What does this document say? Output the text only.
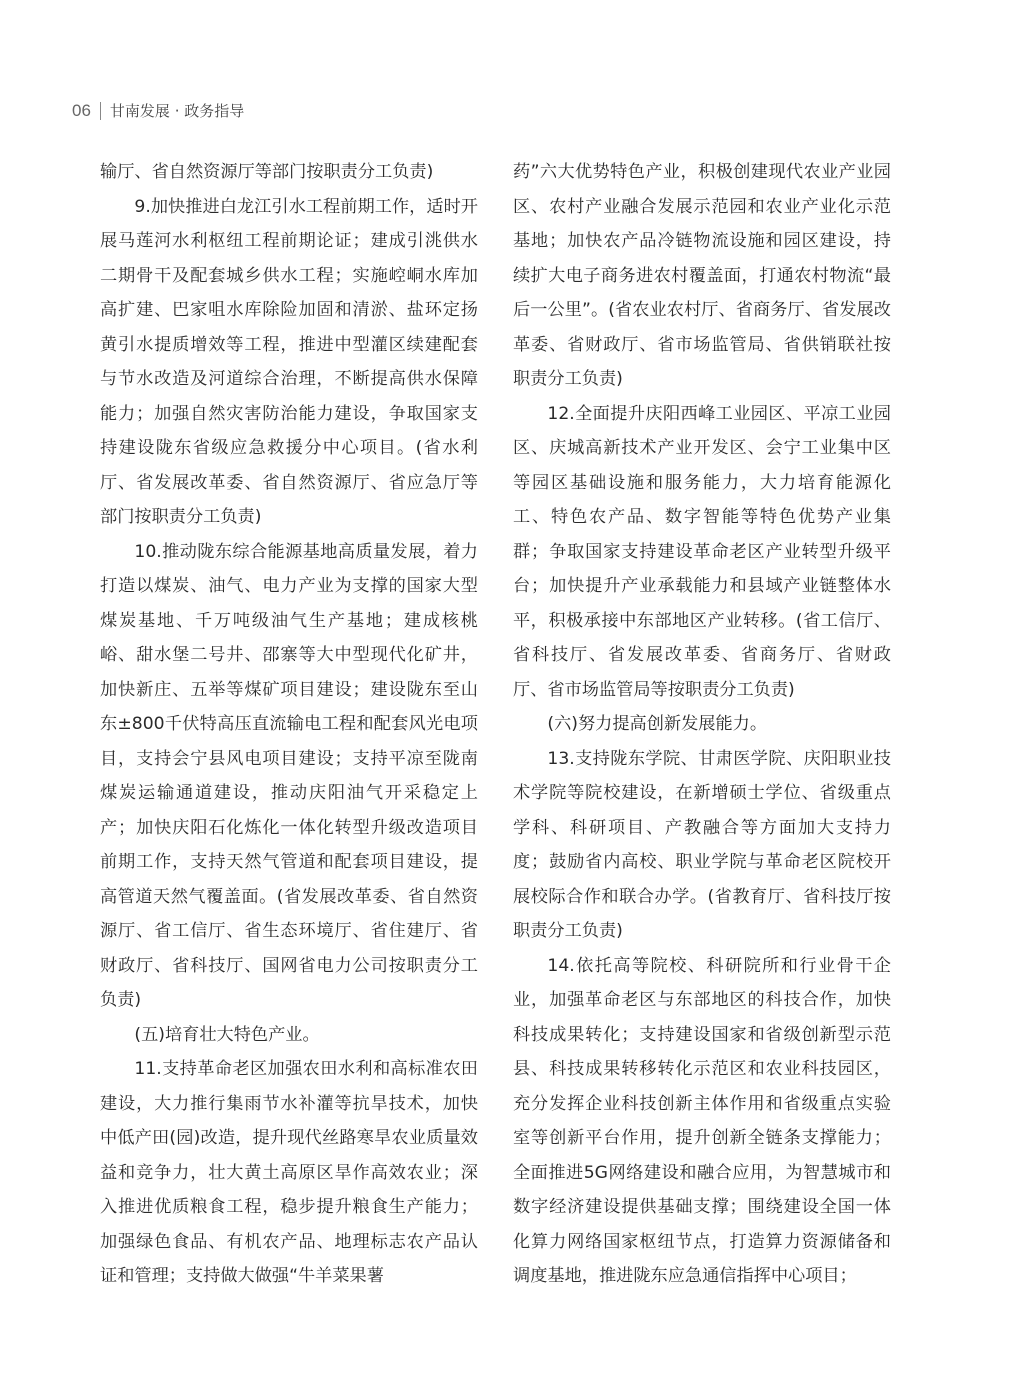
06 甘南发展 · 政务指导

输厅、省自然资源厅等部门按职责分工负责)

9.加快推进白龙江引水工程前期工作，适时开展马莲河水利枢纽工程前期论证；建成引洮供水二期骨干及配套城乡供水工程；实施崆峒水库加高扩建、巴家咀水库除险加固和清淤、盐环定扬黄引水提质增效等工程，推进中型灌区续建配套与节水改造及河道综合治理，不断提高供水保障能力；加强自然灾害防治能力建设，争取国家支持建设陇东省级应急救援分中心项目。(省水利厅、省发展改革委、省自然资源厅、省应急厅等部门按职责分工负责)

10.推动陇东综合能源基地高质量发展，着力打造以煤炭、油气、电力产业为支撑的国家大型煤炭基地、千万吨级油气生产基地；建成核桃峪、甜水堡二号井、邵寨等大中型现代化矿井，加快新庄、五举等煤矿项目建设；建设陇东至山东±800千伏特高压直流输电工程和配套风光电项目，支持会宁县风电项目建设；支持平凉至陇南煤炭运输通道建设，推动庆阳油气开采稳定上产；加快庆阳石化炼化一体化转型升级改造项目前期工作，支持天然气管道和配套项目建设，提高管道天然气覆盖面。(省发展改革委、省自然资源厅、省工信厅、省生态环境厅、省住建厅、省财政厅、省科技厅、国网省电力公司按职责分工负责)

(五)培育壮大特色产业。

11.支持革命老区加强农田水利和高标准农田建设，大力推行集雨节水补灌等抗旱技术，加快中低产田(园)改造，提升现代丝路寒旱农业质量效益和竞争力，壮大黄土高原区旱作高效农业；深入推进优质粮食工程，稳步提升粮食生产能力；加强绿色食品、有机农产品、地理标志农产品认证和管理；支持做大做强“牛羊菜果薯

药”六大优势特色产业，积极创建现代农业产业园区、农村产业融合发展示范园和农业产业化示范基地；加快农产品冷链物流设施和园区建设，持续扩大电子商务进农村覆盖面，打通农村物流“最后一公里”。(省农业农村厅、省商务厅、省发展改革委、省财政厅、省市场监管局、省供销联社按职责分工负责)

12.全面提升庆阳西峰工业园区、平凉工业园区、庆城高新技术产业开发区、会宁工业集中区等园区基础设施和服务能力，大力培育能源化工、特色农产品、数字智能等特色优势产业集群；争取国家支持建设革命老区产业转型升级平台；加快提升产业承载能力和县域产业链整体水平，积极承接中东部地区产业转移。(省工信厅、省科技厅、省发展改革委、省商务厅、省财政厅、省市场监管局等按职责分工负责)

(六)努力提高创新发展能力。

13.支持陇东学院、甘肃医学院、庆阳职业技术学院等院校建设，在新增硕士学位、省级重点学科、科研项目、产教融合等方面加大支持力度；鼓励省内高校、职业学院与革命老区院校开展校际合作和联合办学。(省教育厅、省科技厅按职责分工负责)

14.依托高等院校、科研院所和行业骨干企业，加强革命老区与东部地区的科技合作，加快科技成果转化；支持建设国家和省级创新型示范县、科技成果转移转化示范区和农业科技园区，充分发挥企业科技创新主体作用和省级重点实验室等创新平台作用，提升创新全链条支撑能力；全面推进5G网络建设和融合应用，为智慧城市和数字经济建设提供基础支撑；围绕建设全国一体化算力网络国家枢纽节点，打造算力资源储备和调度基地，推进陇东应急通信指挥中心项目；
